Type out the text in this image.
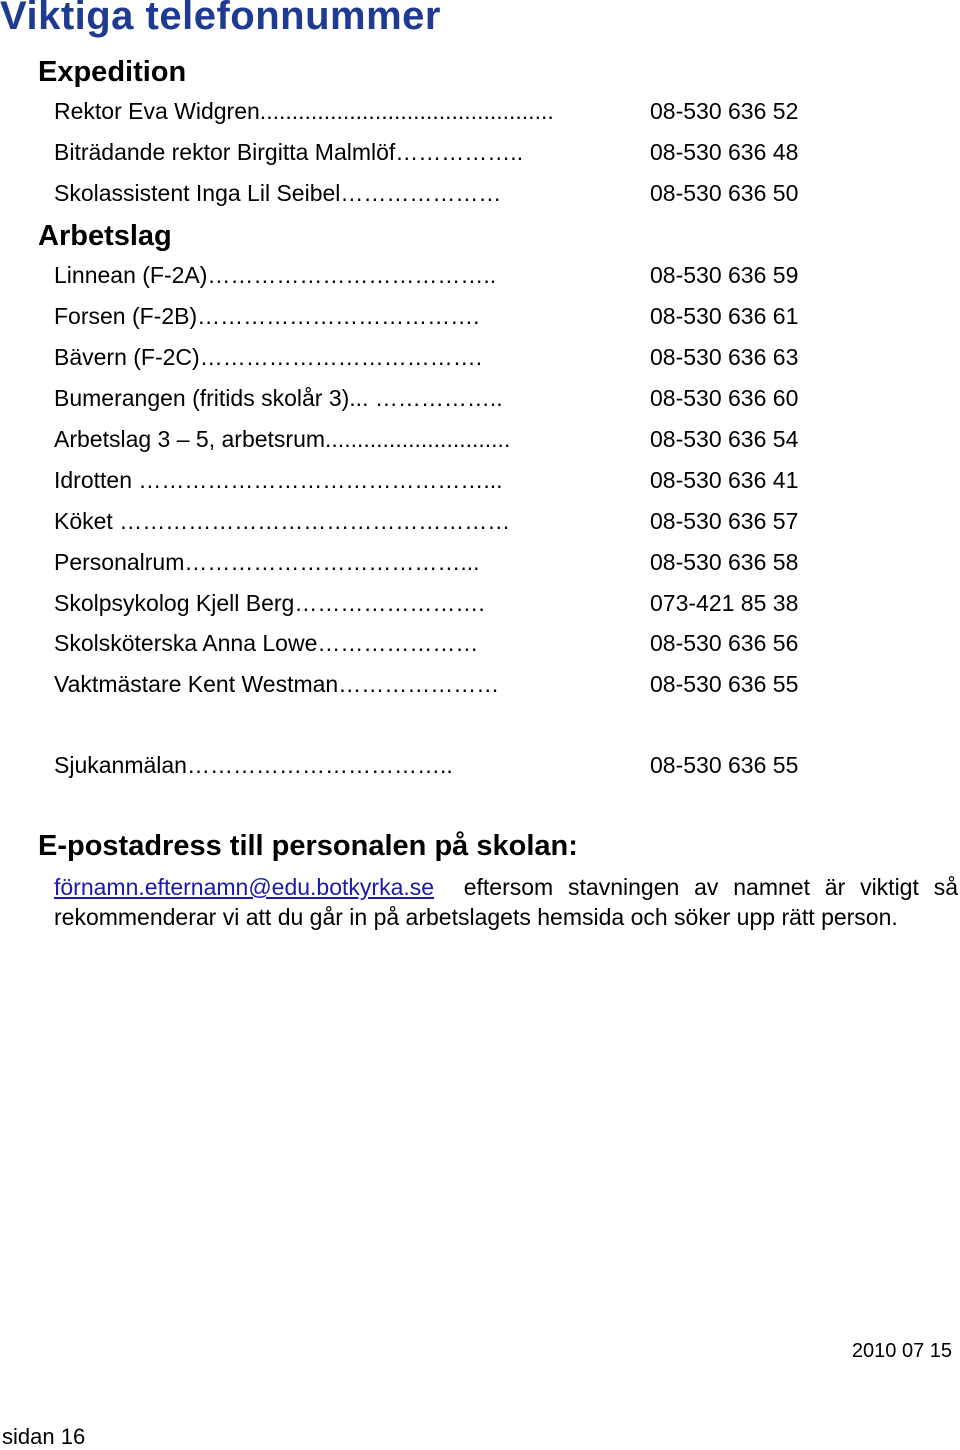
Viktiga telefonnummer
Expedition
Rektor Eva Widgren..............................................	08-530 636 52
Biträdande rektor Birgitta Malmlöf……………..	08-530 636 48
Skolassistent Inga Lil Seibel…………………	08-530 636 50
Arbetslag
Linnean (F-2A)………………………………..	08-530 636 59
Forsen (F-2B)……………………………….	08-530 636 61
Bävern (F-2C)……………………………….	08-530 636 63
Bumerangen (fritids skolår 3)... ……………..	08-530 636 60
Arbetslag 3 – 5, arbetsrum.............................	08-530 636 54
Idrotten ………………………………………...	08-530 636 41
Köket ……………………………………………	08-530 636 57
Personalrum………………………………...	08-530 636 58
Skolpsykolog Kjell Berg…………………….	073-421 85 38
Skolsköterska Anna Lowe…………………	08-530 636 56
Vaktmästare Kent Westman…………………	08-530 636 55
Sjukanmälan……………………………..	08-530 636 55
E-postadress till personalen på skolan:
förnamn.efternamn@edu.botkyrka.se eftersom stavningen av namnet är viktigt så rekommenderar vi att du går in på arbetslagets hemsida och söker upp rätt person.
2010 07 15
sidan 16
